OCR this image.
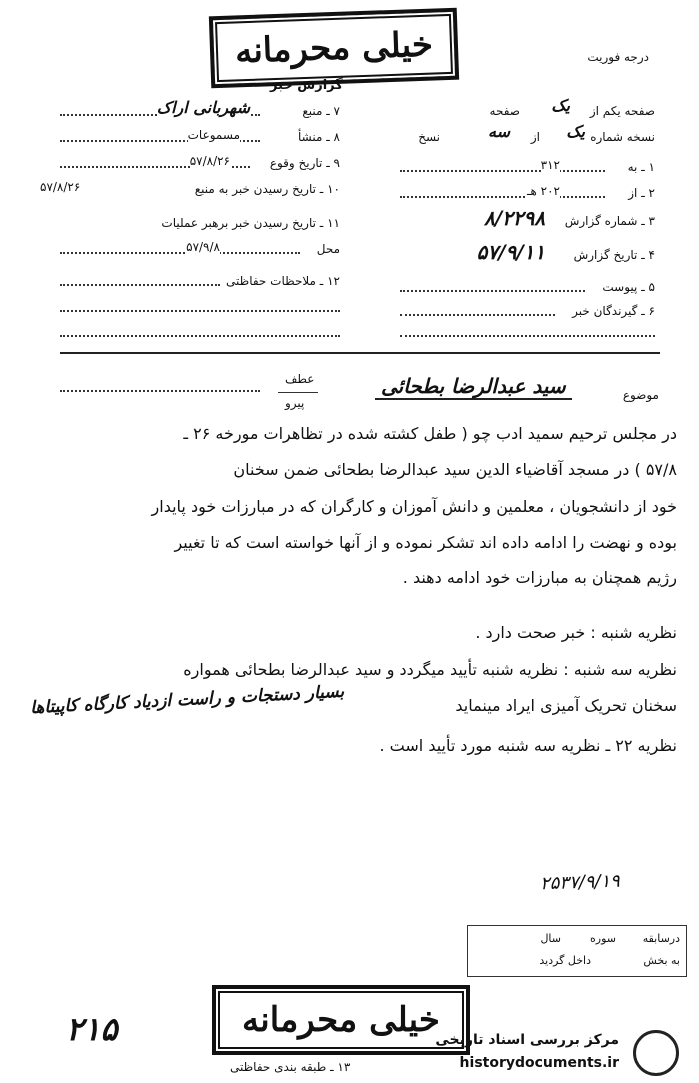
خیلی محرمانه	درجه فوریت
گزارش خبر
۷ ـ منبع
شهربانی اراک
۸ ـ منشأ
مسموعات
۹ ـ تاریخ وقوع
۵۷/۸/۲۶
۱۰ ـ تاریخ رسیدن خبر به منبع
۵۷/۸/۲۶
۱۱ ـ تاریخ رسیدن خبر برهبر عملیات
محل
۵۷/۹/۸
۱۲ ـ ملاحظات حفاظتی
صفحه یکم از
یک
صفحه
نسخه شماره
یک
از
سه
نسخ
۱ ـ به
۳۱۲
۲ ـ از
۲۰۲ هـ
۳ ـ شماره گزارش
۸/۲۲۹۸
۴ ـ تاریخ گزارش
۵۷/۹/۱۱
۵ ـ پیوست
۶ ـ گیرندگان خبر
عطف
پیرو
موضوع
سید عبدالرضا بطحائی
در مجلس ترحیم سمید ادب چو ( طفل کشته شده در تظاهرات مورخه ۲۶ ـ
۵۷/۸ ) در مسجد آقاضیاء الدین سید عبدالرضا بطحائی ضمن سخنان
خود از دانشجویان ، معلمین و دانش آموزان و کارگران که در مبارزات خود پایدار
بوده و نهضت را ادامه داده اند تشکر نموده و از آنها خواسته است که تا تغییر
رژیم همچنان به مبارزات خود ادامه دهند .
نظریه شنبه : خبر صحت دارد .
نظریه سه شنبه : نظریه شنبه تأیید میگردد و سید عبدالرضا بطحائی همواره
سخنان تحریک آمیزی ایراد مینماید
بسیار دستجات و راست ازدیاد کارگاه کاپیتاها
نظریه ۲۲ ـ نظریه سه شنبه مورد تأیید است .
۲۵۳۷/۹/۱۹
درسابقه
سوره
سال
به بخش
داخل گردید
خیلی محرمانه
۲۱۵
۱۳ ـ طبقه بندی حفاظتی
مرکز بررسی اسناد تاریخی
historydocuments.ir
